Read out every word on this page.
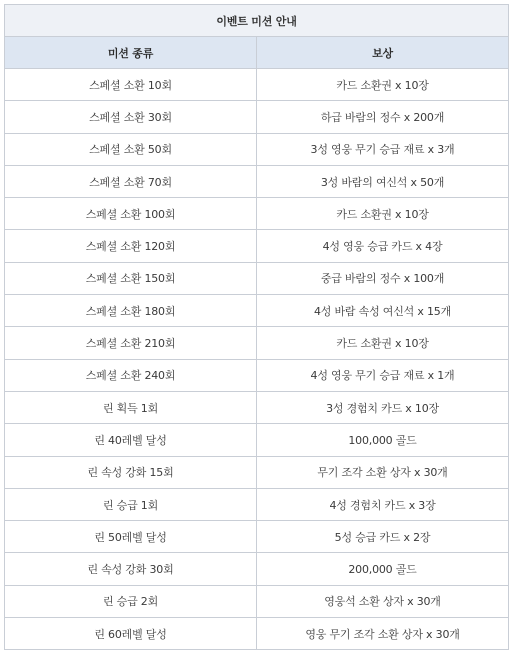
이벤트 미션 안내	
미션 종류	보상
스페셜 소환 10회	카드 소환권 x 10장
스페셜 소환 30회	하급 바람의 정수 x 200개
스페셜 소환 50회	3성 영웅 무기 승급 재료 x 3개
스페셜 소환 70회	3성 바람의 여신석 x 50개
스페셜 소환 100회	카드 소환권 x 10장
스페셜 소환 120회	4성 영웅 승급 카드 x 4장
스페셜 소환 150회	중급 바람의 정수 x 100개
스페셜 소환 180회	4성 바람 속성 여신석 x 15개
스페셜 소환 210회	카드 소환권 x 10장
스페셜 소환 240회	4성 영웅 무기 승급 재료 x 1개
린 획득 1회	3성 경험치 카드 x 10장
린 40레벨 달성	100,000 골드
린 속성 강화 15회	무기 조각 소환 상자 x 30개
린 승급 1회	4성 경험치 카드 x 3장
린 50레벨 달성	5성 승급 카드 x 2장
린 속성 강화 30회	200,000 골드
린 승급 2회	영웅석 소환 상자 x 30개
린 60레벨 달성	영웅 무기 조각 소환 상자 x 30개
